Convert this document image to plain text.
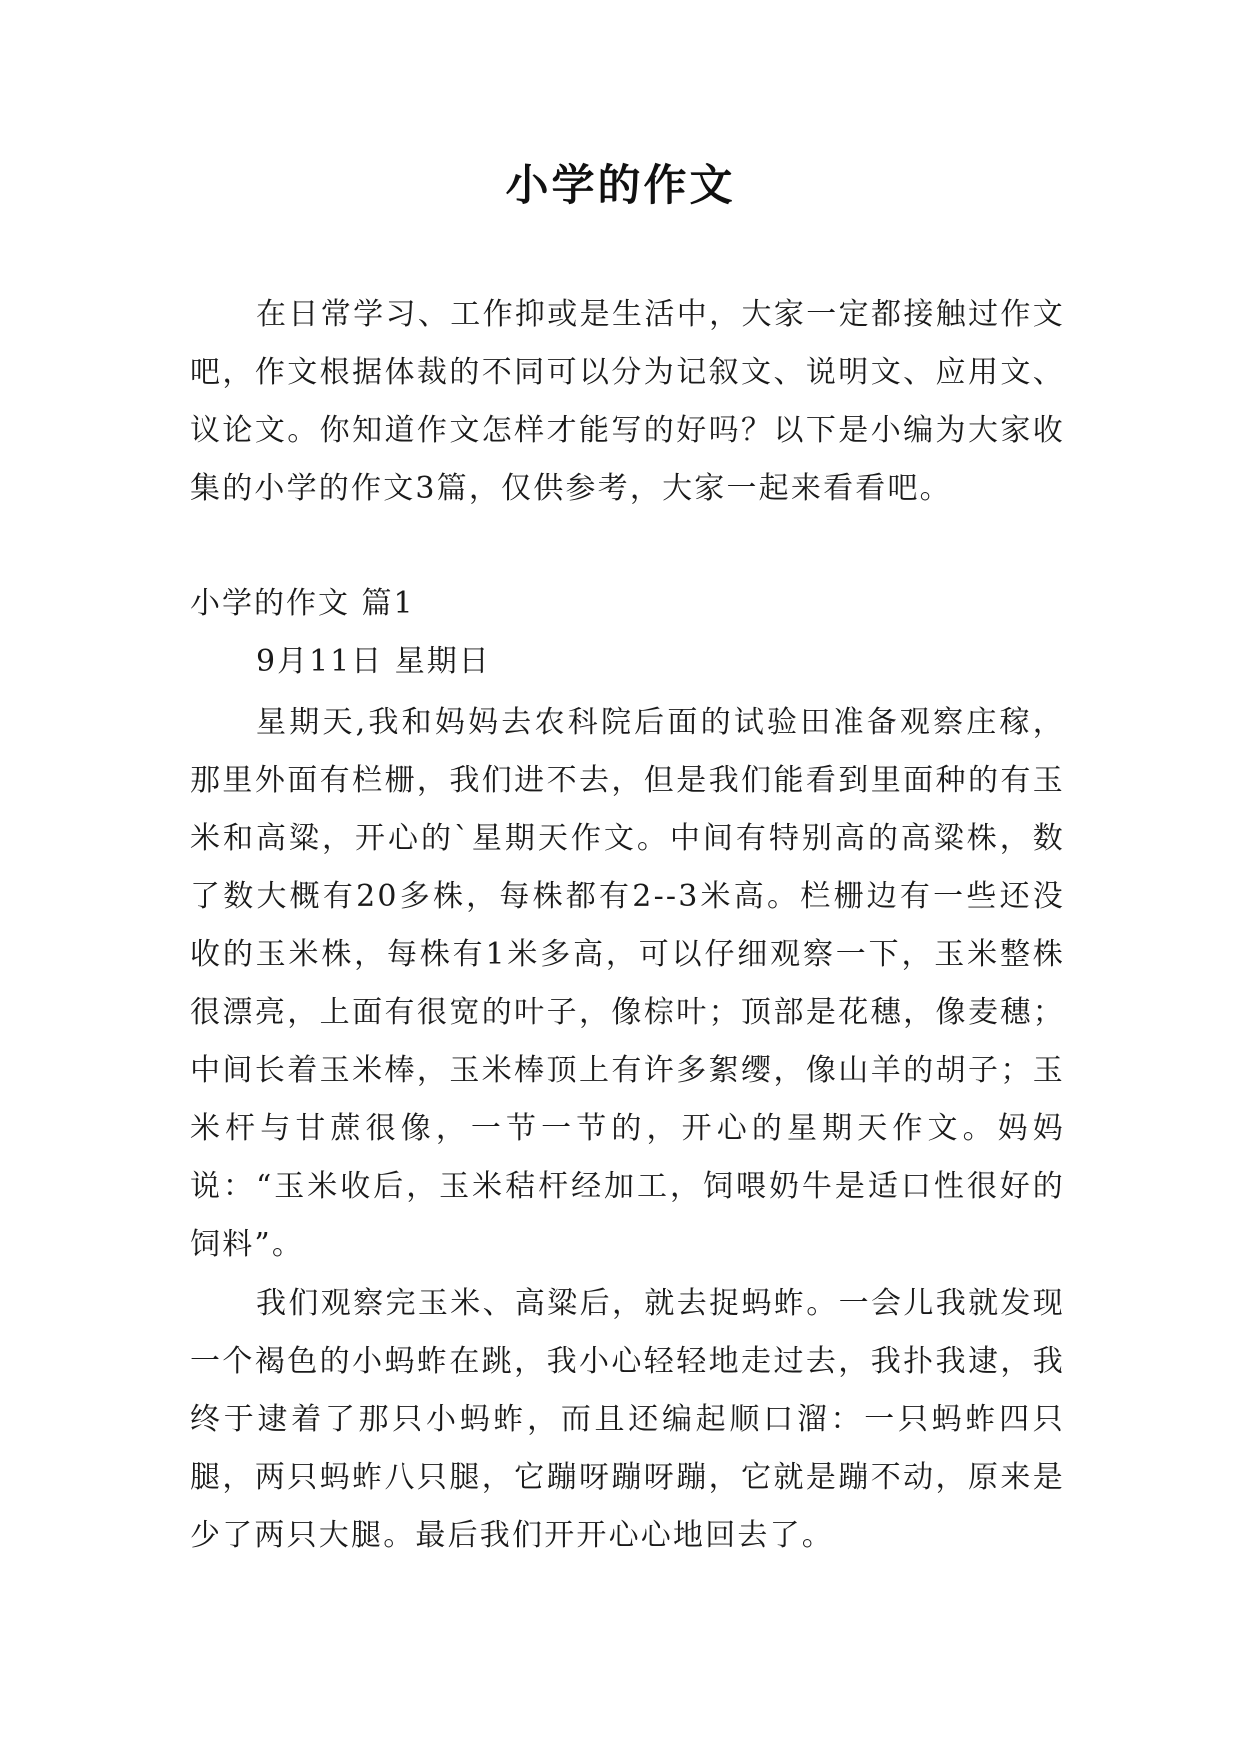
小学的作文

在日常学习、工作抑或是生活中，大家一定都接触过作文吧，作文根据体裁的不同可以分为记叙文、说明文、应用文、议论文。你知道作文怎样才能写的好吗？以下是小编为大家收集的小学的作文3篇，仅供参考，大家一起来看看吧。

小学的作文 篇1

9月11日 星期日

星期天,我和妈妈去农科院后面的试验田准备观察庄稼，那里外面有栏栅，我们进不去，但是我们能看到里面种的有玉米和高粱，开心的`星期天作文。中间有特别高的高粱株，数了数大概有20多株，每株都有2--3米高。栏栅边有一些还没收的玉米株，每株有1米多高，可以仔细观察一下，玉米整株很漂亮，上面有很宽的叶子，像棕叶；顶部是花穗，像麦穗；中间长着玉米棒，玉米棒顶上有许多絮缨，像山羊的胡子；玉米杆与甘蔗很像，一节一节的，开心的星期天作文。妈妈说：“玉米收后，玉米秸杆经加工，饲喂奶牛是适口性很好的饲料”。

我们观察完玉米、高粱后，就去捉蚂蚱。一会儿我就发现一个褐色的小蚂蚱在跳，我小心轻轻地走过去，我扑我逮，我终于逮着了那只小蚂蚱，而且还编起顺口溜：一只蚂蚱四只腿，两只蚂蚱八只腿，它蹦呀蹦呀蹦，它就是蹦不动，原来是少了两只大腿。最后我们开开心心地回去了。
